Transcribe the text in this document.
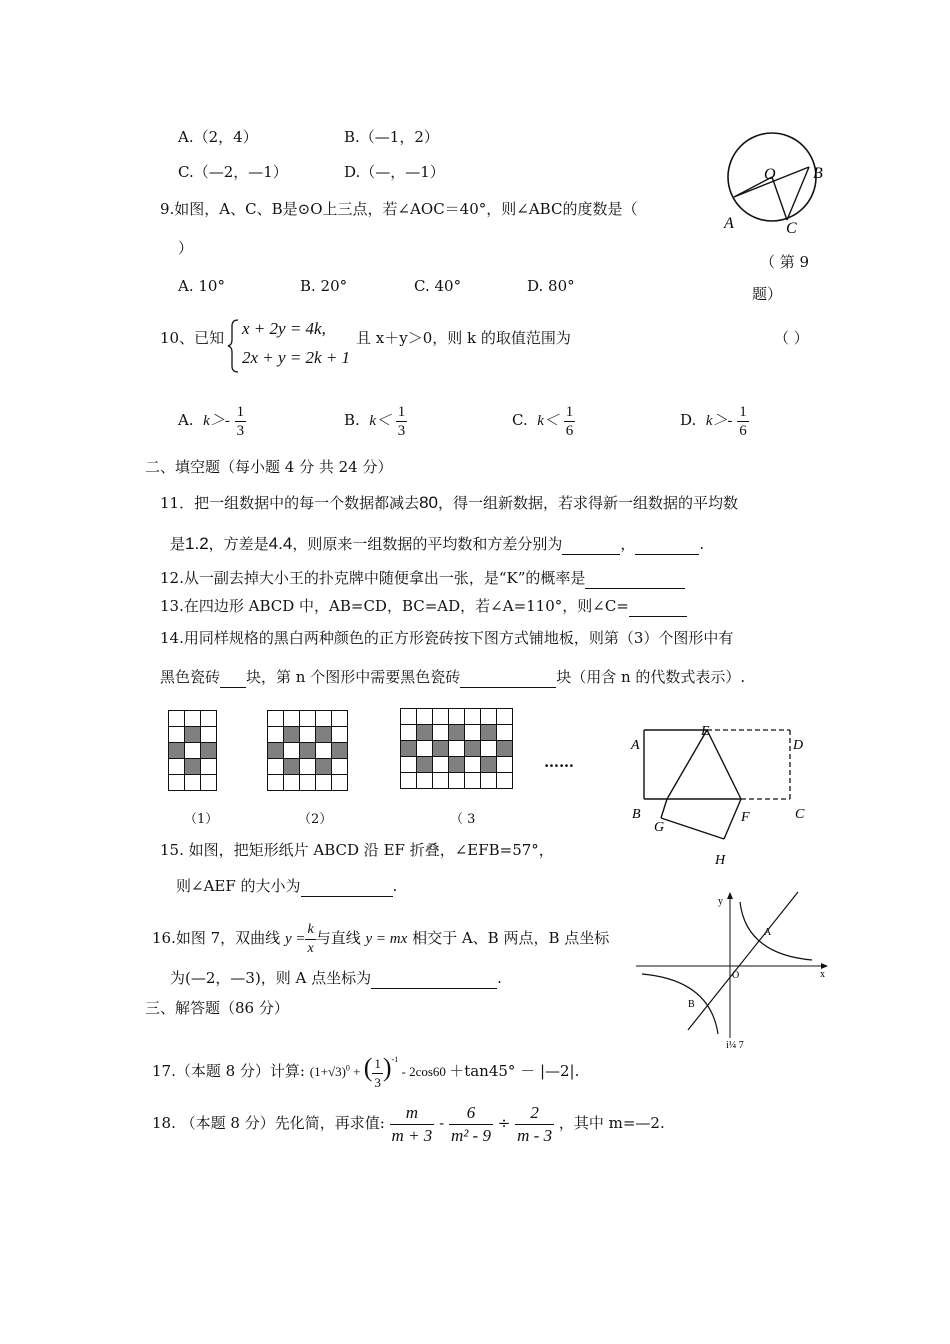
A.（2，4）	B.（—1，2）
C.（—2，—1）	D.（—，—1）
9.如图，A、C、B是⊙O上三点，若∠AOC＝40°，则∠ABC的度数是（
）
A. 10°	B. 20°	C. 40°	D. 80°
O B
A	C
（ 第 9
题）
10、已知 x + 2y = 4k,
2x + y = 2k + 1
且 x＋y＞0，则 k 的取值范围为	（ ）
A. $k>- \frac{1}{3}$	B. $k< \frac{1}{3}$	C. $k< \frac{1}{6}$	D. $k>- \frac{1}{6}$
二、填空题（每小题 4 分 共 24 分）
11．把一组数据中的每一个数据都减去80，得一组新数据，若求得新一组数据的平均数
是1.2，方差是4.4，则原来一组数据的平均数和方差分别为	，	.
12.从一副去掉大小王的扑克牌中随便拿出一张，是“K”的概率是
13.在四边形 ABCD 中，AB=CD，BC=AD，若∠A=110°，则∠C=
14.用同样规格的黑白两种颜色的正方形瓷砖按下图方式铺地板，则第（3）个图形中有
黑色瓷砖 块，第 n 个图形中需要黑色瓷砖	块（用含 n 的代数式表示）.

……
（1）	（2）	（ 3
A
E
D
B	C
G
F
H
15. 如图，把矩形纸片 ABCD 沿 EF 折叠，∠EFB=57°，
则∠AEF 的大小为	.
16.如图 7，双曲线 $y = \frac{k}{x}$ 与直线 y = mx 相交于 A、B 两点，B 点坐标
为(—2，—3)，则 A 点坐标为	.
y
x
O
A
B
i¼ 7
三、解答题（86 分）
17.（本题 8 分）计算: $(1+√3)^0$ + ( $\frac{1}{3} )^{-1} - 2\cos 60 +\tan 45^\circ$ － |—2|.
18. （本题 8 分）先化简，再求值: $\frac{m}{m + 3} - \frac{6}{\text{m² - 9}} \div \frac{2}{m - 3}$ ，其中 m=—2.
